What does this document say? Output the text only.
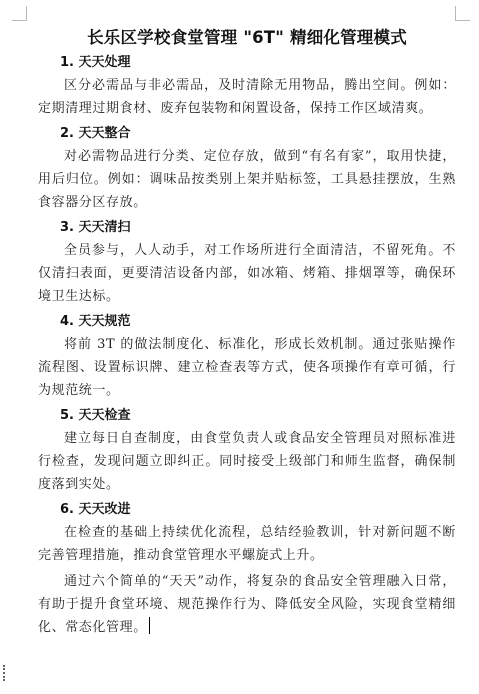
长乐区学校食堂管理 "6T" 精细化管理模式

1. 天天处理

区分必需品与非必需品，及时清除无用物品，腾出空间。例如：定期清理过期食材、废弃包装物和闲置设备，保持工作区域清爽。

2. 天天整合

对必需物品进行分类、定位存放，做到“有名有家”，取用快捷，用后归位。例如：调味品按类别上架并贴标签，工具悬挂摆放，生熟食容器分区存放。

3. 天天清扫

全员参与，人人动手，对工作场所进行全面清洁，不留死角。不仅清扫表面，更要清洁设备内部，如冰箱、烤箱、排烟罩等，确保环境卫生达标。

4. 天天规范

将前 3T 的做法制度化、标准化，形成长效机制。通过张贴操作流程图、设置标识牌、建立检查表等方式，使各项操作有章可循，行为规范统一。

5. 天天检查

建立每日自查制度，由食堂负责人或食品安全管理员对照标准进行检查，发现问题立即纠正。同时接受上级部门和师生监督，确保制度落到实处。

6. 天天改进

在检查的基础上持续优化流程，总结经验教训，针对新问题不断完善管理措施，推动食堂管理水平螺旋式上升。

通过六个简单的“天天”动作，将复杂的食品安全管理融入日常，有助于提升食堂环境、规范操作行为、降低安全风险，实现食堂精细化、常态化管理。
